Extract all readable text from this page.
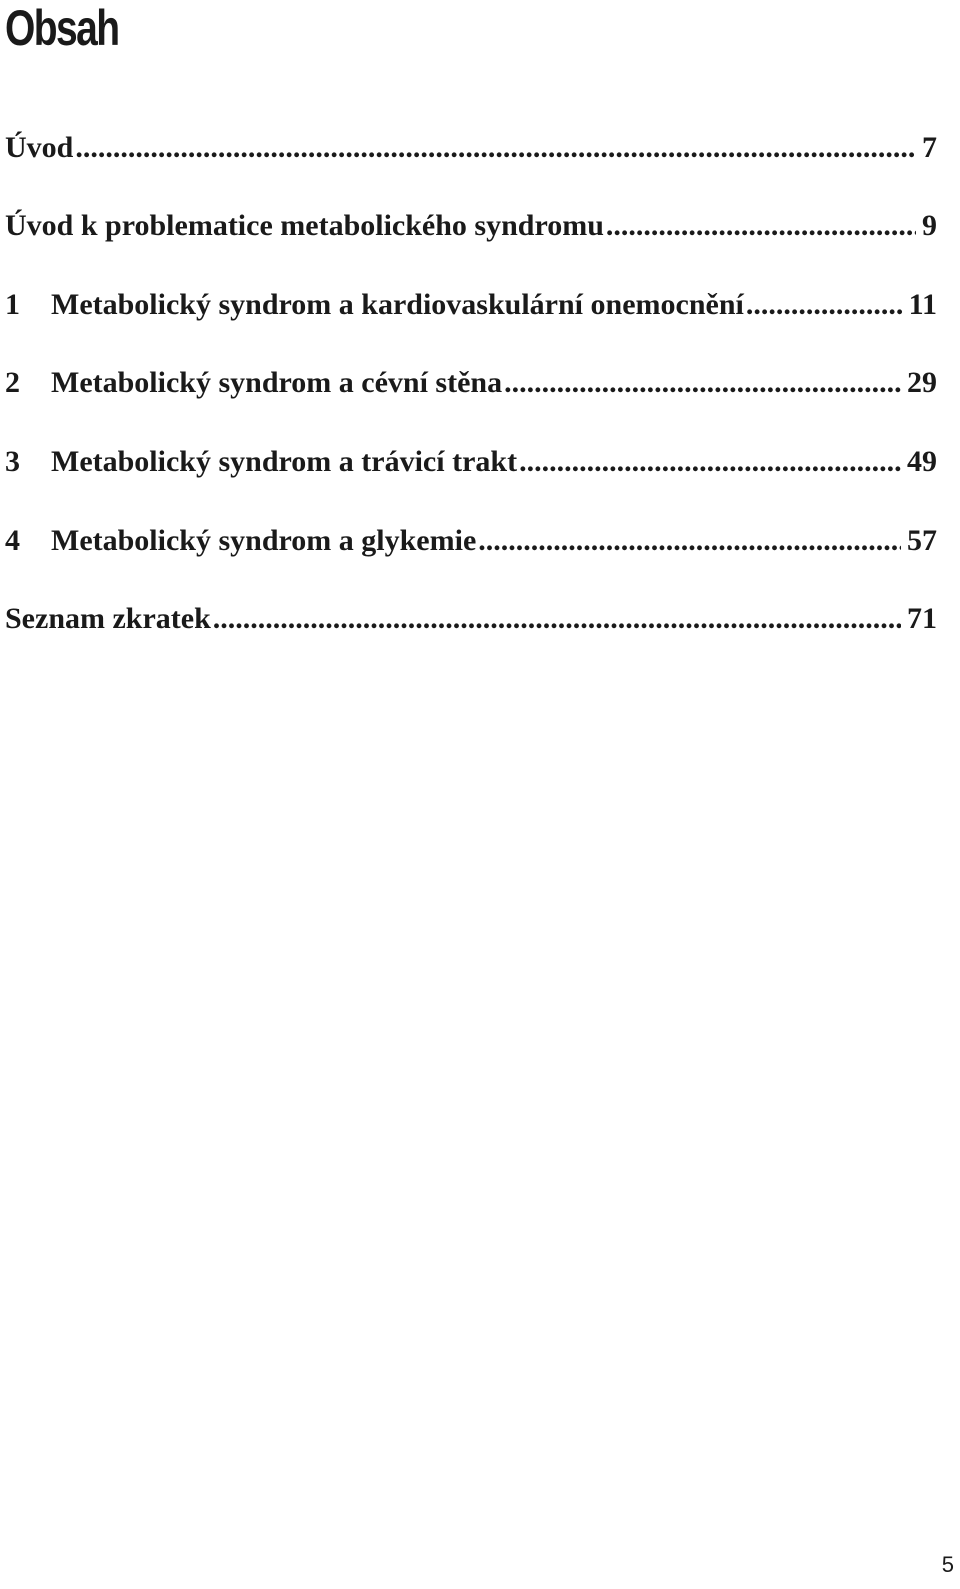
Obsah
Úvod .....	7
Úvod k problematice metabolického syndromu .....	9
1	Metabolický syndrom a kardiovaskulární onemocnění .....	11
2	Metabolický syndrom a cévní stěna .....	29
3	Metabolický syndrom a trávicí trakt .....	49
4	Metabolický syndrom a glykemie .....	57
Seznam zkratek .....	71
5
